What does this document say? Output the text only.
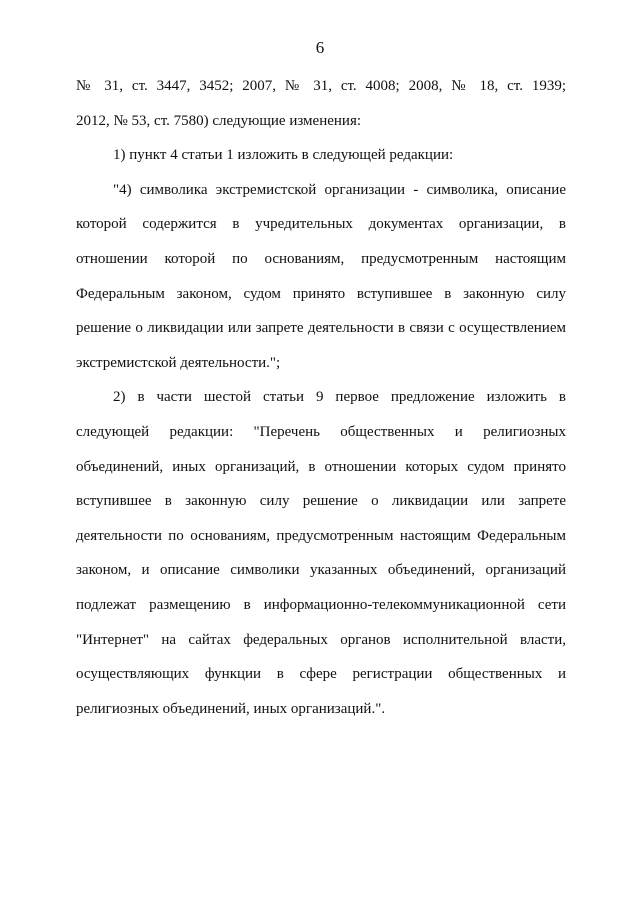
6
№ 31, ст. 3447, 3452; 2007, № 31, ст. 4008; 2008, № 18, ст. 1939;
2012, № 53, ст. 7580) следующие изменения:
1) пункт 4 статьи 1 изложить в следующей редакции:
"4) символика экстремистской организации - символика, описание
которой содержится в учредительных документах организации, в
отношении которой по основаниям, предусмотренным настоящим
Федеральным законом, судом принято вступившее в законную силу
решение о ликвидации или запрете деятельности в связи с осуществлением
экстремистской деятельности.";
2) в части шестой статьи 9 первое предложение изложить в
следующей редакции: "Перечень общественных и религиозных
объединений, иных организаций, в отношении которых судом принято
вступившее в законную силу решение о ликвидации или запрете
деятельности по основаниям, предусмотренным настоящим Федеральным
законом, и описание символики указанных объединений, организаций
подлежат размещению в информационно-телекоммуникационной сети
"Интернет" на сайтах федеральных органов исполнительной власти,
осуществляющих функции в сфере регистрации общественных и
религиозных объединений, иных организаций.".
